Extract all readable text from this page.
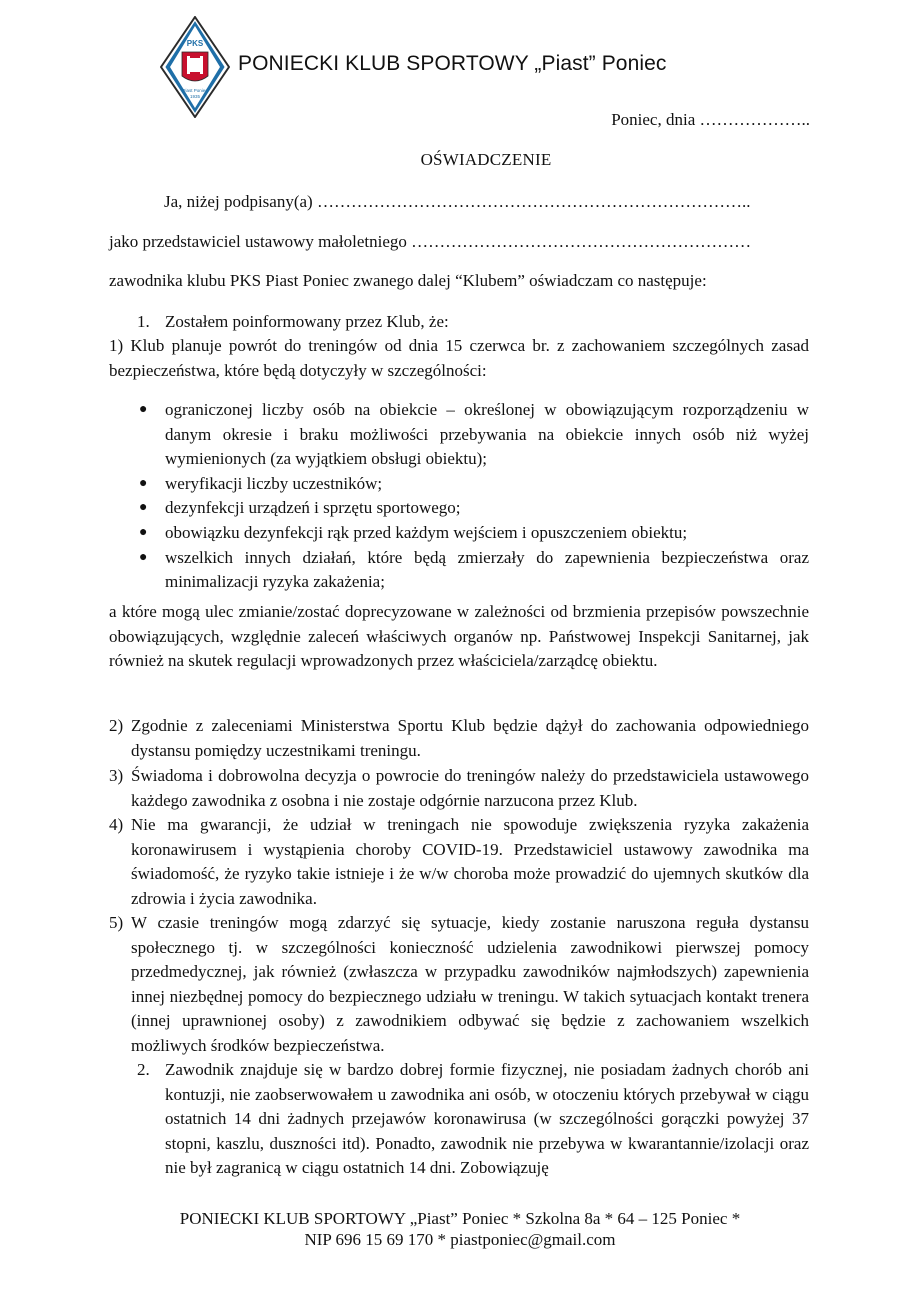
PKS
Piast Poniec
1935
PONIECKI KLUB SPORTOWY „Piast” Poniec
Poniec, dnia ………………..
OŚWIADCZENIE
Ja, niżej podpisany(a) …………………………………………………………………..
jako przedstawiciel ustawowy małoletniego ……………………………………………………
zawodnika klubu PKS Piast Poniec zwanego dalej “Klubem” oświadczam co następuje:
1. Zostałem poinformowany przez Klub, że:
1) Klub planuje powrót do treningów od dnia 15 czerwca br. z zachowaniem szczególnych zasad bezpieczeństwa, które będą dotyczyły w szczególności:
● ograniczonej liczby osób na obiekcie – określonej w obowiązującym rozporządzeniu w danym okresie i braku możliwości przebywania na obiekcie innych osób niż wyżej wymienionych (za wyjątkiem obsługi obiektu);
● weryfikacji liczby uczestników;
● dezynfekcji urządzeń i sprzętu sportowego;
● obowiązku dezynfekcji rąk przed każdym wejściem i opuszczeniem obiektu;
● wszelkich innych działań, które będą zmierzały do zapewnienia bezpieczeństwa oraz minimalizacji ryzyka zakażenia;
a które mogą ulec zmianie/zostać doprecyzowane w zależności od brzmienia przepisów powszechnie obowiązujących, względnie zaleceń właściwych organów np. Państwowej Inspekcji Sanitarnej, jak również na skutek regulacji wprowadzonych przez właściciela/zarządcę obiektu.
2) Zgodnie z zaleceniami Ministerstwa Sportu Klub będzie dążył do zachowania odpowiedniego dystansu pomiędzy uczestnikami treningu.
3) Świadoma i dobrowolna decyzja o powrocie do treningów należy do przedstawiciela ustawowego każdego zawodnika z osobna i nie zostaje odgórnie narzucona przez Klub.
4) Nie ma gwarancji, że udział w treningach nie spowoduje zwiększenia ryzyka zakażenia koronawirusem i wystąpienia choroby COVID-19. Przedstawiciel ustawowy zawodnika ma świadomość, że ryzyko takie istnieje i że w/w choroba może prowadzić do ujemnych skutków dla zdrowia i życia zawodnika.
5) W czasie treningów mogą zdarzyć się sytuacje, kiedy zostanie naruszona reguła dystansu społecznego tj. w szczególności konieczność udzielenia zawodnikowi pierwszej pomocy przedmedycznej, jak również (zwłaszcza w przypadku zawodników najmłodszych) zapewnienia innej niezbędnej pomocy do bezpiecznego udziału w treningu. W takich sytuacjach kontakt trenera (innej uprawnionej osoby) z zawodnikiem odbywać się będzie z zachowaniem wszelkich możliwych środków bezpieczeństwa.
2. Zawodnik znajduje się w bardzo dobrej formie fizycznej, nie posiadam żadnych chorób ani kontuzji, nie zaobserwowałem u zawodnika ani osób, w otoczeniu których przebywał w ciągu ostatnich 14 dni żadnych przejawów koronawirusa (w szczególności gorączki powyżej 37 stopni, kaszlu, duszności itd). Ponadto, zawodnik nie przebywa w kwarantannie/izolacji oraz nie był zagranicą w ciągu ostatnich 14 dni. Zobowiązuję
PONIECKI KLUB SPORTOWY „Piast” Poniec * Szkolna 8a * 64 – 125 Poniec *
NIP 696 15 69 170 * piastponiec@gmail.com
